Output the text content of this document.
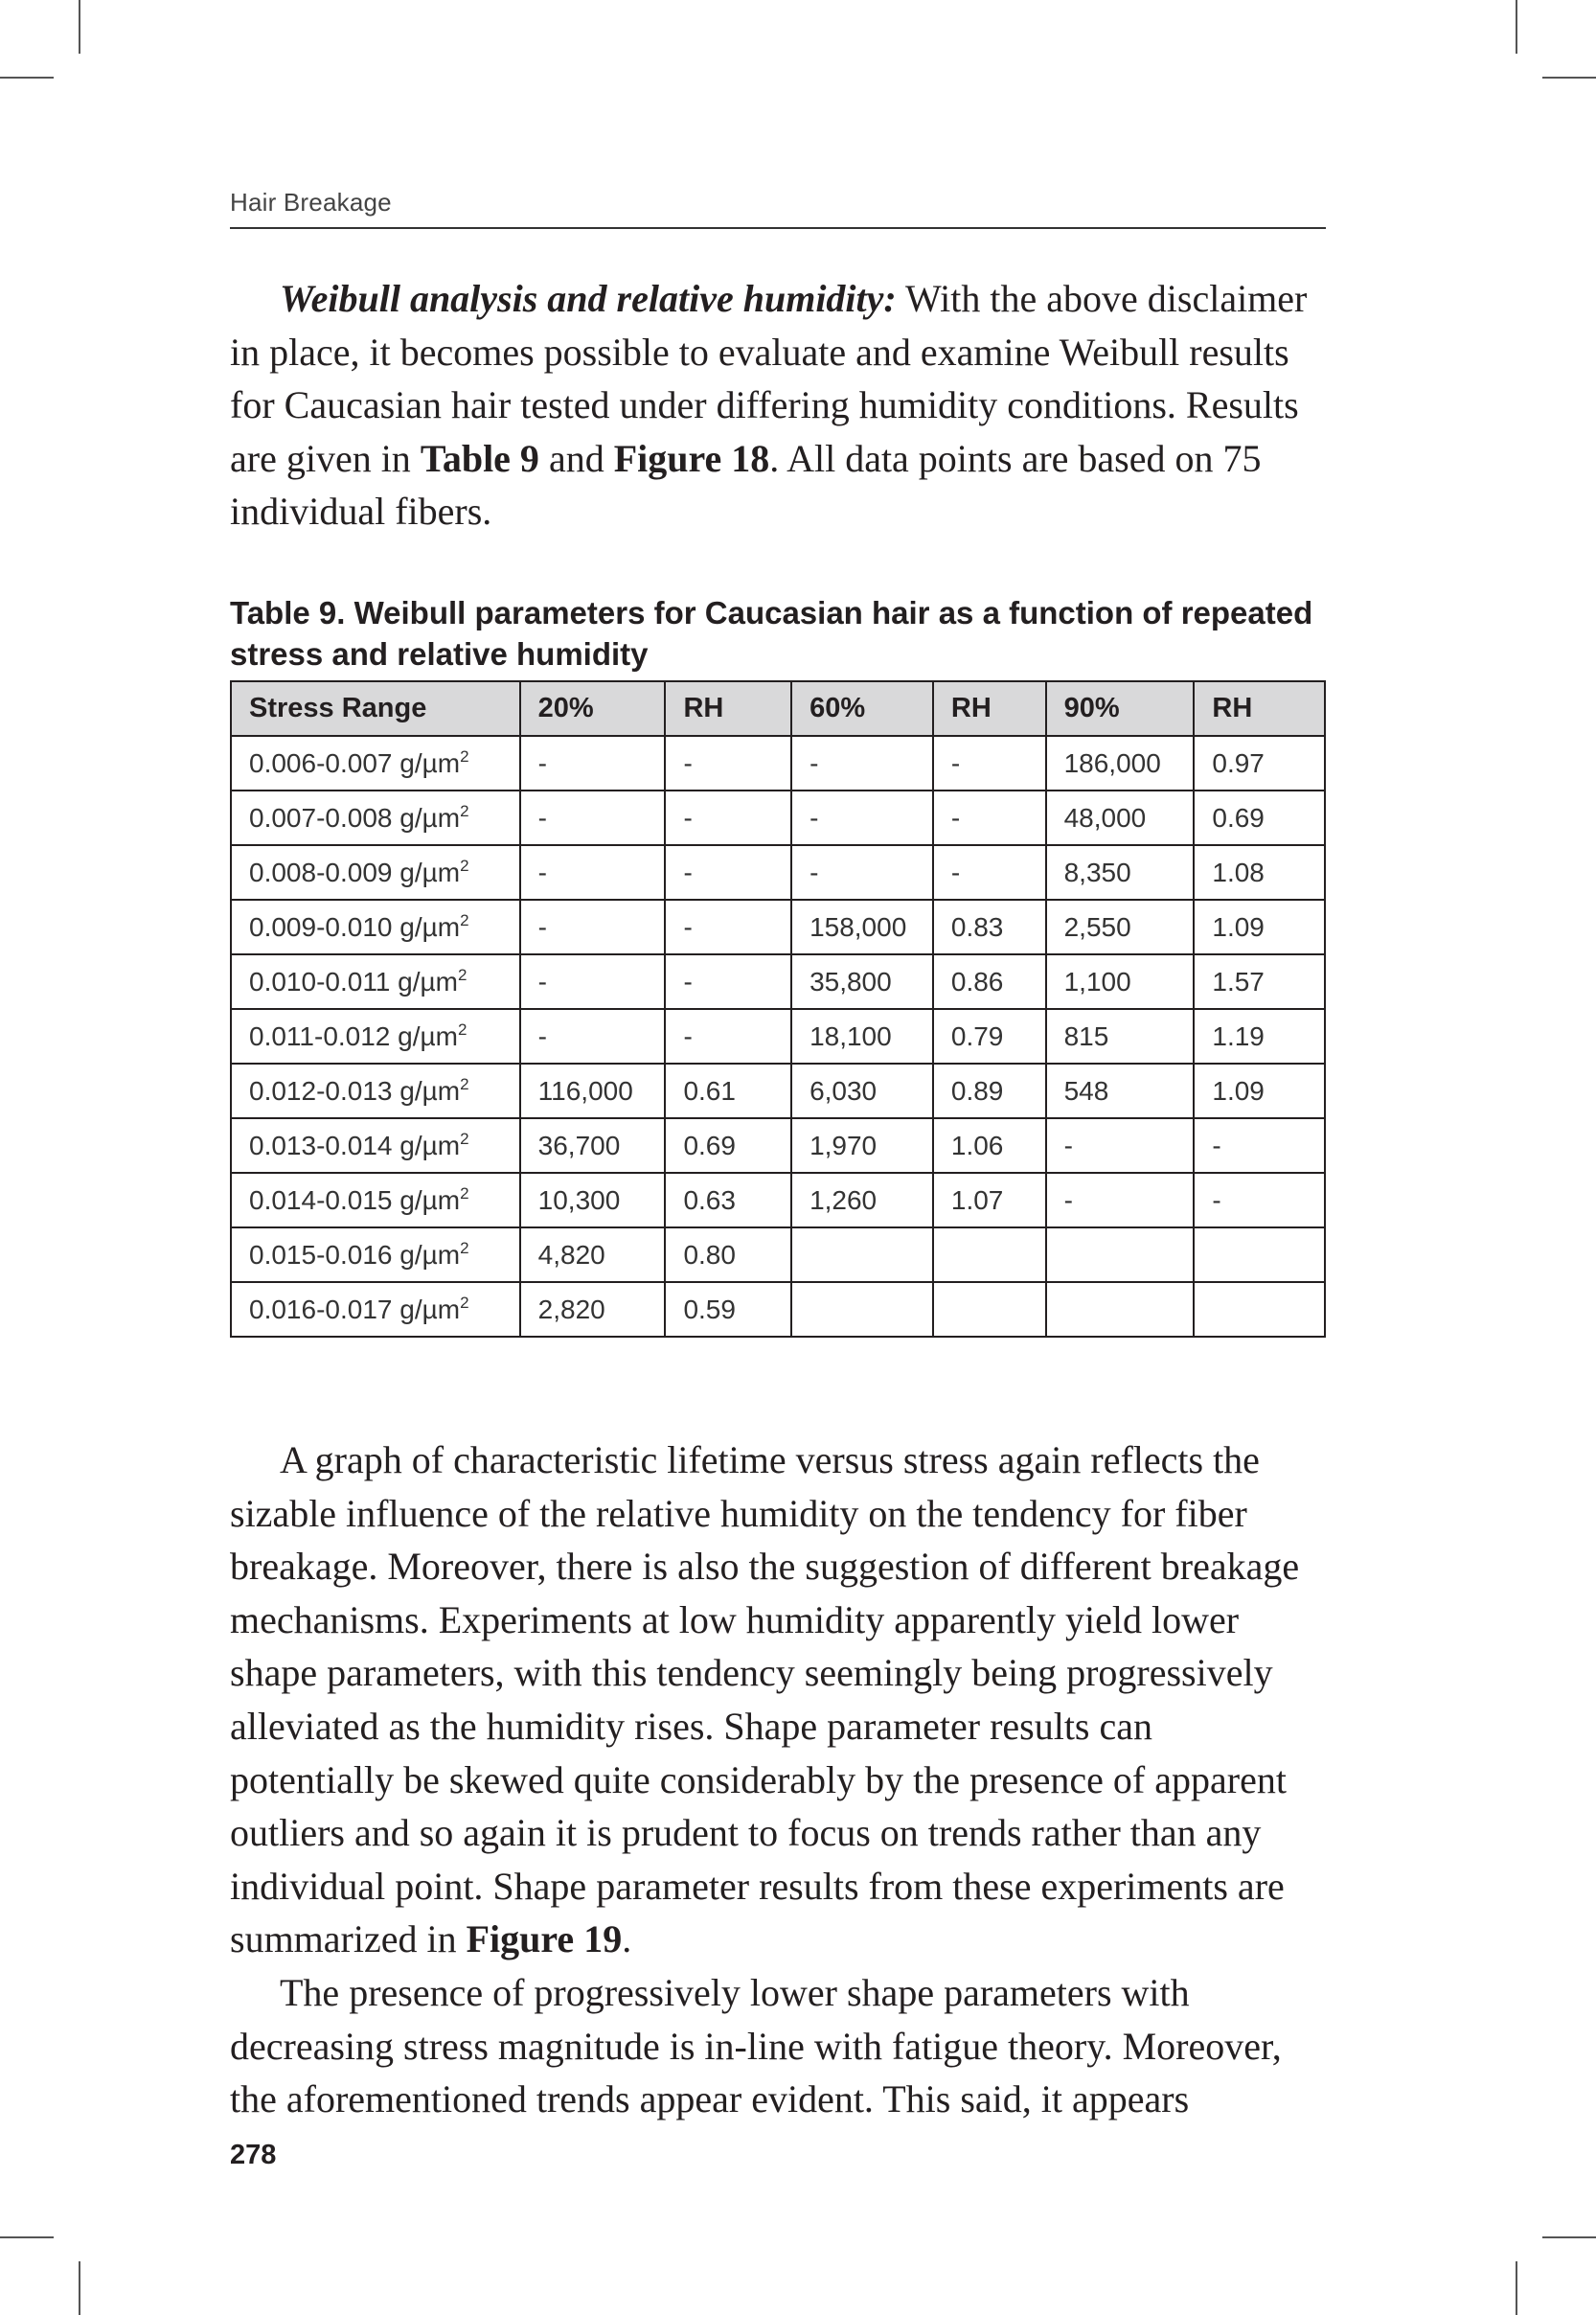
Hair Breakage

Weibull analysis and relative humidity: With the above disclaimer in place, it becomes possible to evaluate and examine Weibull results for Caucasian hair tested under differing humidity conditions. Results are given in Table 9 and Figure 18. All data points are based on 75 individual fibers.

Table 9. Weibull parameters for Caucasian hair as a function of repeated stress and relative humidity
Stress Range	20%	RH	60%	RH	90%	RH
0.006-0.007 g/µm$^2$	-	-	-	-	186,000	0.97
0.007-0.008 g/µm$^2$	-	-	-	-	48,000	0.69
0.008-0.009 g/µm$^2$	-	-	-	-	8,350	1.08
0.009-0.010 g/µm$^2$	-	-	158,000	0.83	2,550	1.09
0.010-0.011 g/µm$^2$	-	-	35,800	0.86	1,100	1.57
0.011-0.012 g/µm$^2$	-	-	18,100	0.79	815	1.19
0.012-0.013 g/µm$^2$	116,000	0.61	6,030	0.89	548	1.09
0.013-0.014 g/µm$^2$	36,700	0.69	1,970	1.06	-	-
0.014-0.015 g/µm$^2$	10,300	0.63	1,260	1.07	-	-
0.015-0.016 g/µm$^2$	4,820	0.80				
0.016-0.017 g/µm$^2$	2,820	0.59				

A graph of characteristic lifetime versus stress again reflects the sizable influence of the relative humidity on the tendency for fiber breakage. Moreover, there is also the suggestion of different breakage mechanisms. Experiments at low humidity apparently yield lower shape parameters, with this tendency seemingly being progressively alleviated as the humidity rises. Shape parameter results can potentially be skewed quite considerably by the presence of apparent outliers and so again it is prudent to focus on trends rather than any individual point. Shape parameter results from these experiments are summarized in Figure 19.

The presence of progressively lower shape parameters with decreasing stress magnitude is in-line with fatigue theory. Moreover, the aforementioned trends appear evident. This said, it appears

278
